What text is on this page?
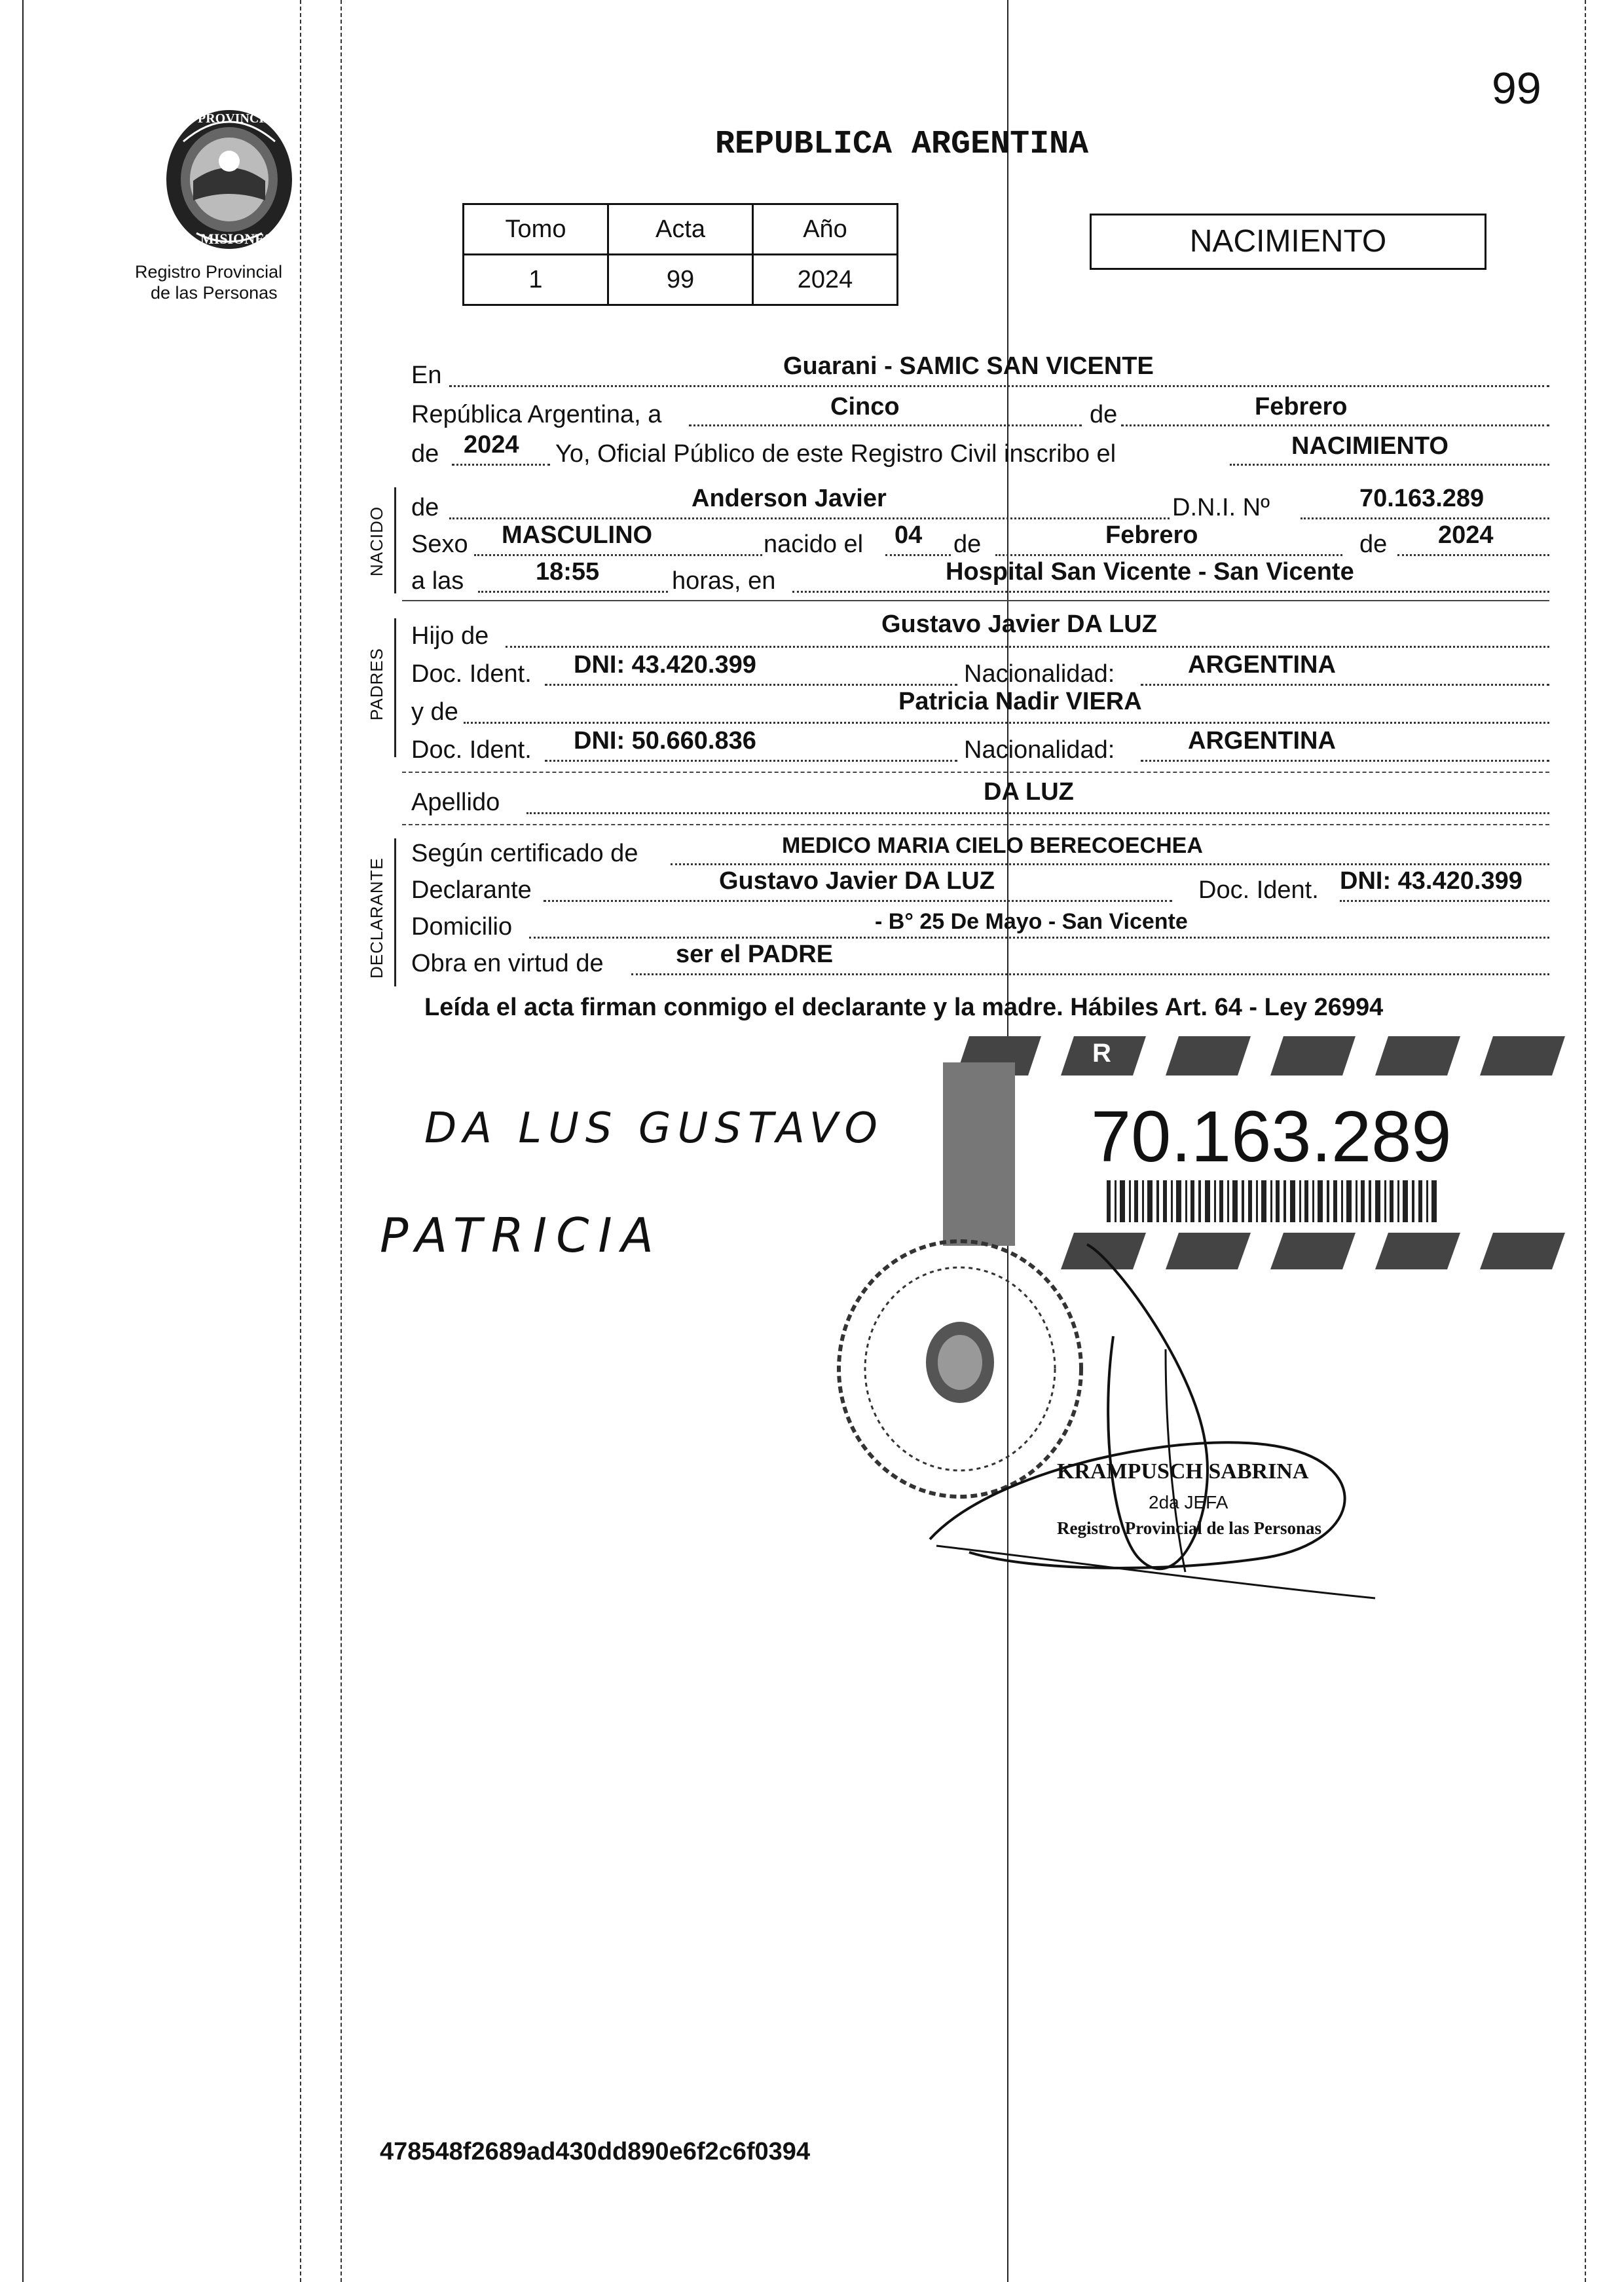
99
PROVINCIA DE
MISIONES
Registro Provincial
de las Personas
REPUBLICA ARGENTINA
Tomo	Acta	Año
1	99	2024
NACIMIENTO
NACIDO
PADRES
DECLARANTE
En	Guarani - SAMIC SAN VICENTE
República Argentina, a	Cinco	de	Febrero
de 2024 Yo, Oficial Público de este Registro Civil inscribo el	NACIMIENTO
de	Anderson Javier	D.N.I. Nº	70.163.289
Sexo MASCULINO	nacido el 04 de	Febrero	de 2024
a las	18:55	horas, en	Hospital San Vicente - San Vicente
Hijo de	Gustavo Javier DA LUZ
Doc. Ident. DNI: 43.420.399	Nacionalidad:	ARGENTINA
y de	Patricia Nadir VIERA
Doc. Ident. DNI: 50.660.836	Nacionalidad:	ARGENTINA
Apellido	DA LUZ
Según certificado de	MEDICO MARIA CIELO BERECOECHEA
Declarante	Gustavo Javier DA LUZ	Doc. Ident. DNI: 43.420.399
Domicilio	- B° 25 De Mayo - San Vicente
Obra en virtud de	ser el PADRE
Leída el acta firman conmigo el declarante y la madre. Hábiles Art. 64 - Ley 26994
DA LUS GUSTAVO
PATRICIA
R
70.163.289
KRAMPUSCH SABRINA
2da JEFA
Registro Provincial de las Personas
478548f2689ad430dd890e6f2c6f0394
